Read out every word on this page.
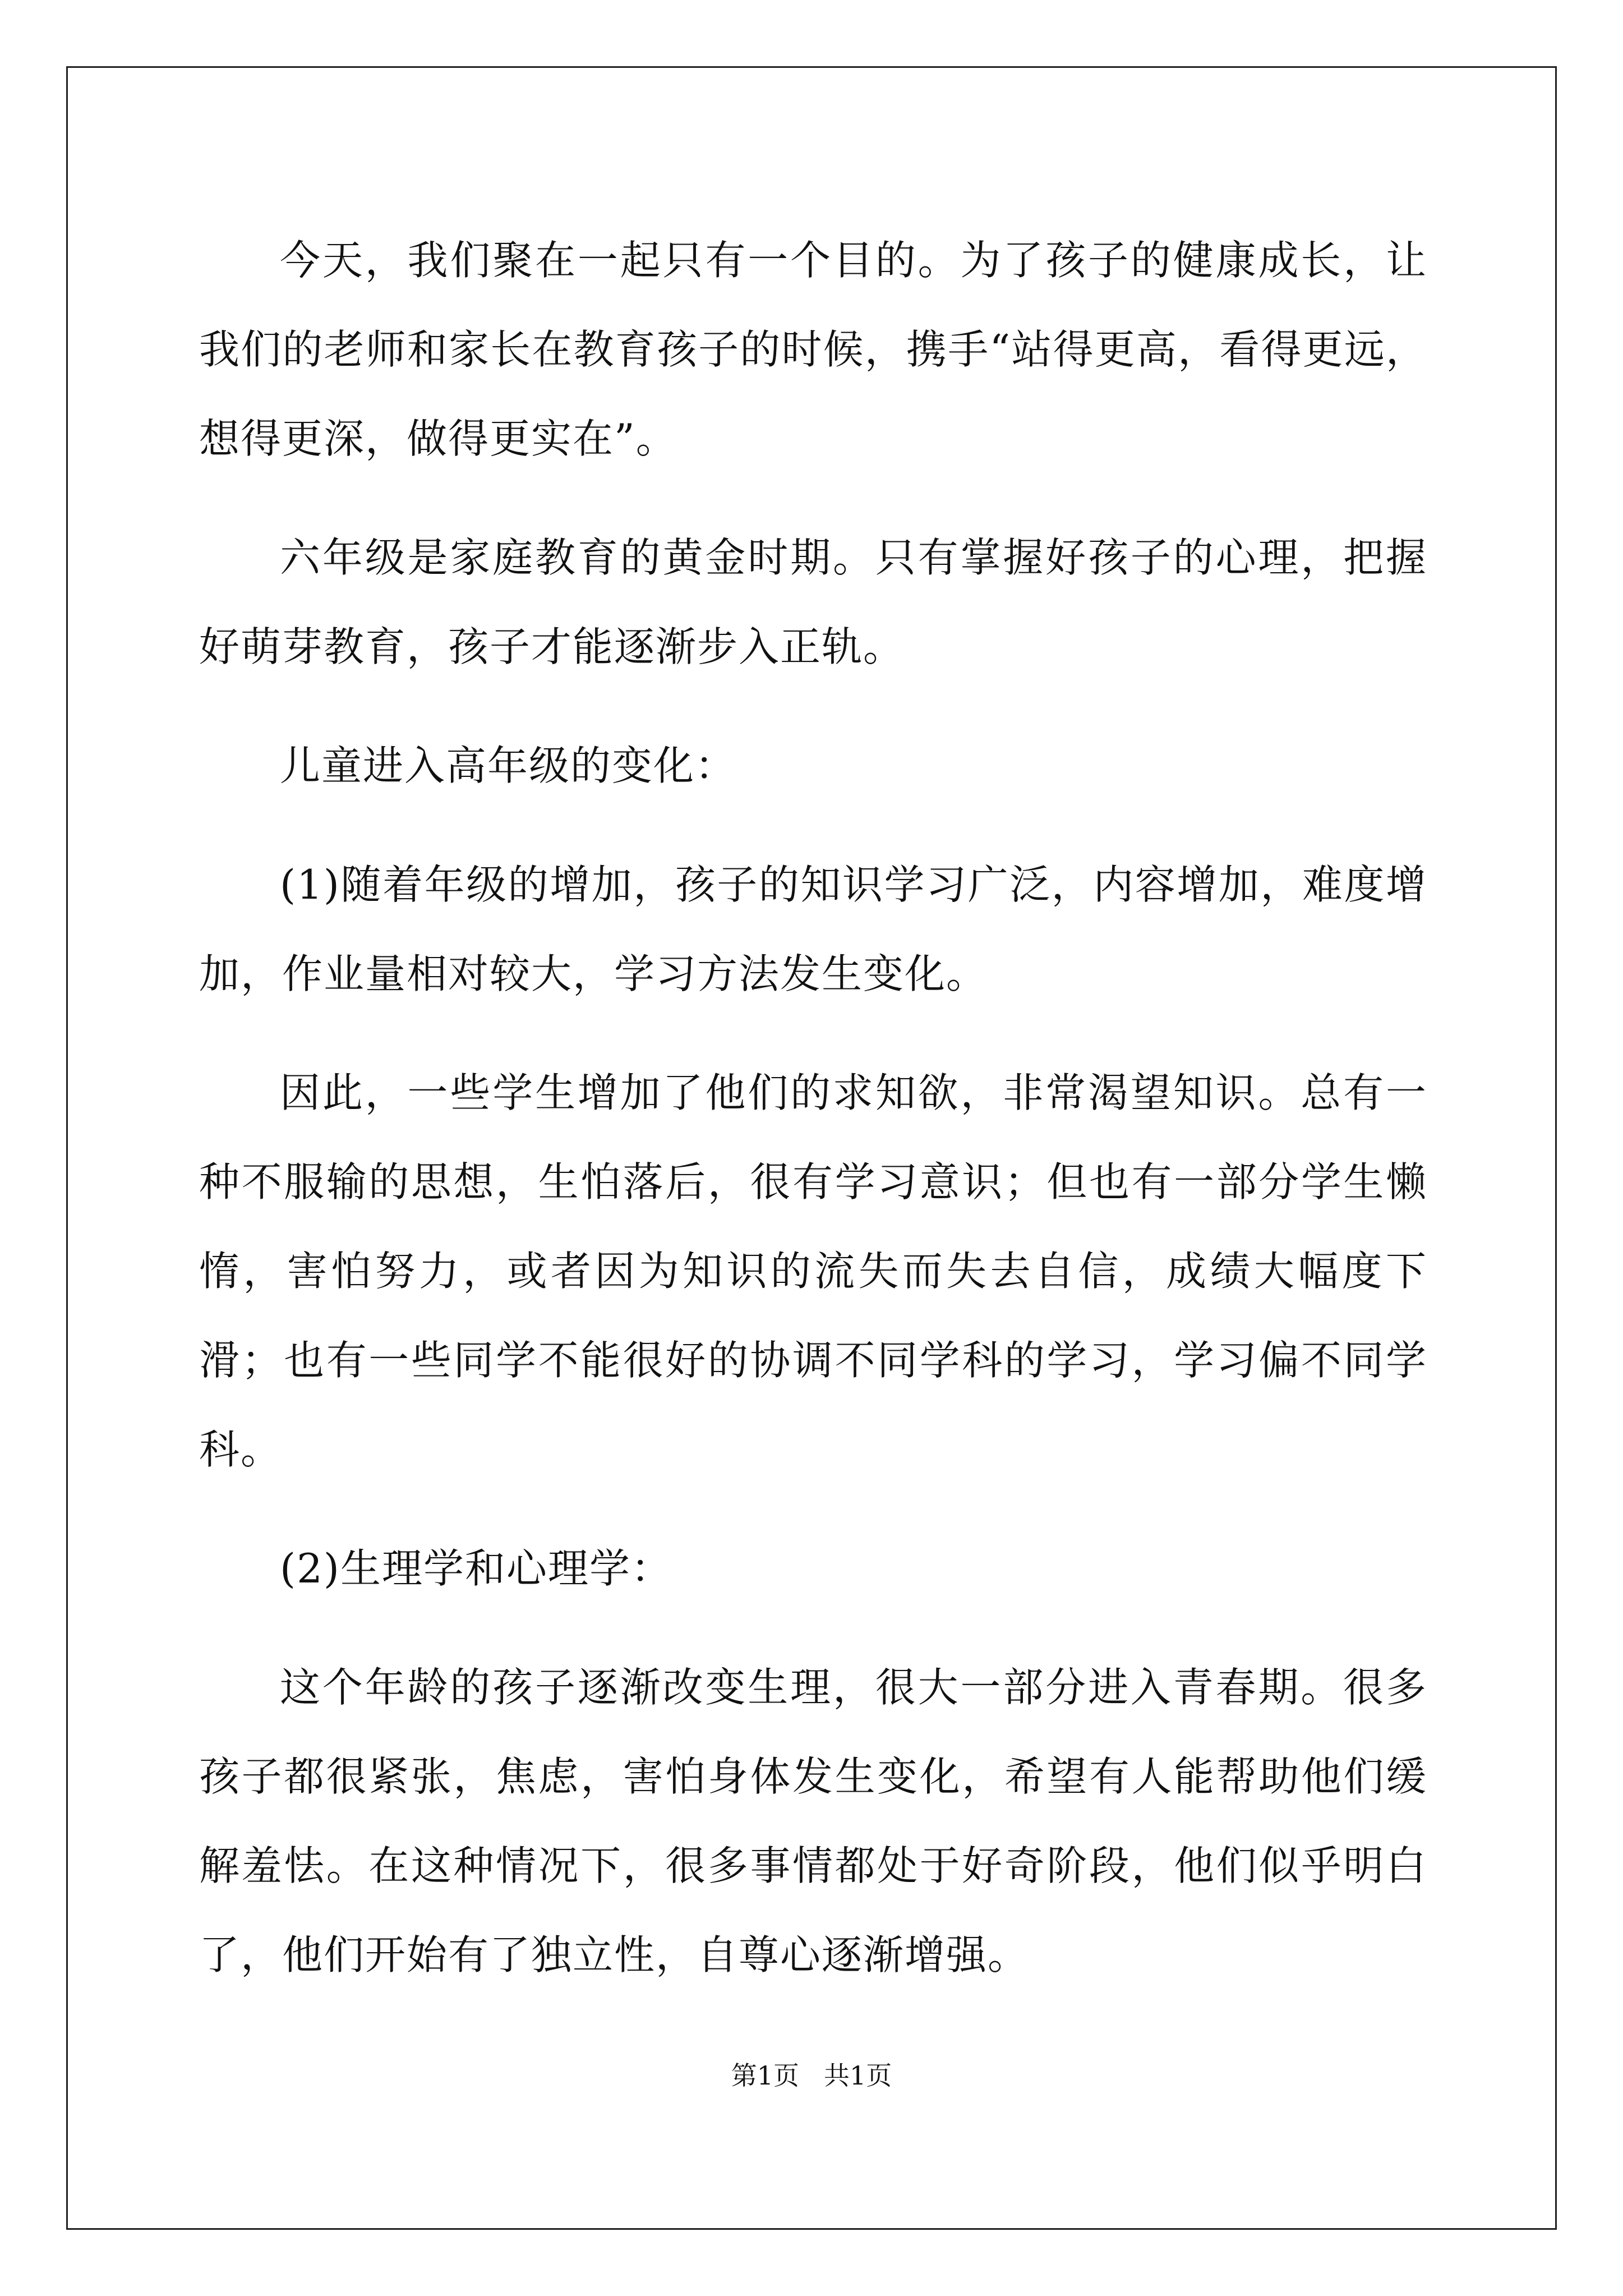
今天，我们聚在一起只有一个目的。为了孩子的健康成长，让我们的老师和家长在教育孩子的时候，携手“站得更高，看得更远，想得更深，做得更实在”。

六年级是家庭教育的黄金时期。只有掌握好孩子的心理，把握好萌芽教育，孩子才能逐渐步入正轨。

儿童进入高年级的变化：

(1)随着年级的增加，孩子的知识学习广泛，内容增加，难度增加，作业量相对较大，学习方法发生变化。

因此，一些学生增加了他们的求知欲，非常渴望知识。总有一种不服输的思想，生怕落后，很有学习意识；但也有一部分学生懒惰，害怕努力，或者因为知识的流失而失去自信，成绩大幅度下滑；也有一些同学不能很好的协调不同学科的学习，学习偏不同学科。

(2)生理学和心理学：

这个年龄的孩子逐渐改变生理，很大一部分进入青春期。很多孩子都很紧张，焦虑，害怕身体发生变化，希望有人能帮助他们缓解羞怯。在这种情况下，很多事情都处于好奇阶段，他们似乎明白了，他们开始有了独立性，自尊心逐渐增强。

第1页 共1页
